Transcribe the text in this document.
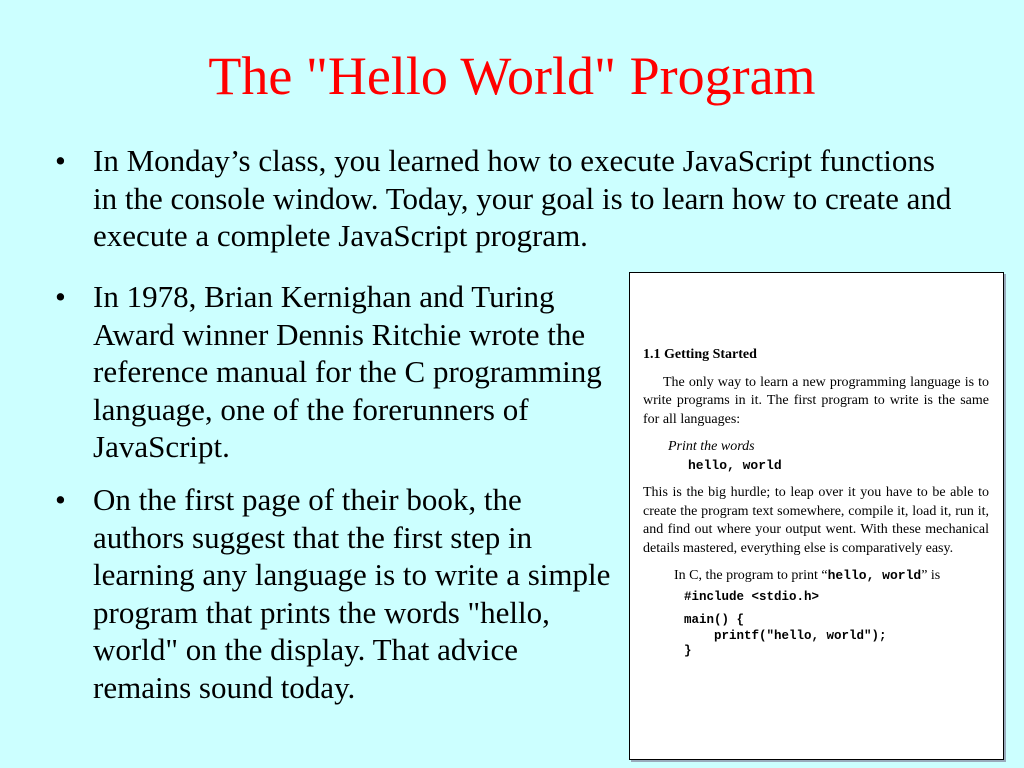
The "Hello World" Program
• In Monday’s class, you learned how to execute JavaScript functions in the console window. Today, your goal is to learn how to create and execute a complete JavaScript program.
• In 1978, Brian Kernighan and Turing Award winner Dennis Ritchie wrote the reference manual for the C programming language, one of the forerunners of JavaScript.
• On the first page of their book, the authors suggest that the first step in learning any language is to write a simple program that prints the words "hello, world" on the display. That advice remains sound today.
1.1 Getting Started

The only way to learn a new programming language is to write programs in it. The first program to write is the same for all languages:

Print the words
hello, world

This is the big hurdle; to leap over it you have to be able to create the program text somewhere, compile it, load it, run it, and find out where your output went. With these mechanical details mastered, everything else is comparatively easy.

In C, the program to print “hello, world” is
#include <stdio.h>
main() {
printf("hello, world");
}
